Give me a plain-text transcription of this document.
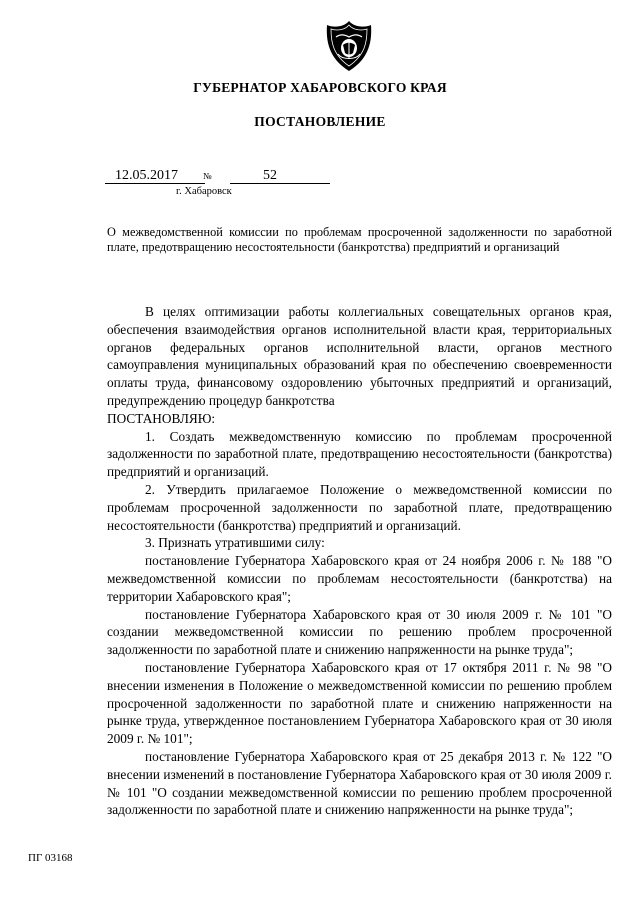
ГУБЕРНАТОР ХАБАРОВСКОГО КРАЯ
ПОСТАНОВЛЕНИЕ
12.05.2017	№	52
г. Хабаровск

О межведомственной комиссии по проблемам просроченной задолженности по заработной плате, предотвращению несостоятельности (банкротства) предприятий и организаций

В целях оптимизации работы коллегиальных совещательных органов края, обеспечения взаимодействия органов исполнительной власти края, территориальных органов федеральных органов исполнительной власти, органов местного самоуправления муниципальных образований края по обеспечению своевременности оплаты труда, финансовому оздоровлению убыточных предприятий и организаций, предупреждению процедур банкротства

ПОСТАНОВЛЯЮ:

1. Создать межведомственную комиссию по проблемам просроченной задолженности по заработной плате, предотвращению несостоятельности (банкротства) предприятий и организаций.

2. Утвердить прилагаемое Положение о межведомственной комиссии по проблемам просроченной задолженности по заработной плате, предотвращению несостоятельности (банкротства) предприятий и организаций.

3. Признать утратившими силу:

постановление Губернатора Хабаровского края от 24 ноября 2006 г. № 188 "О межведомственной комиссии по проблемам несостоятельности (банкротства) на территории Хабаровского края";

постановление Губернатора Хабаровского края от 30 июля 2009 г. № 101 "О создании межведомственной комиссии по решению проблем просроченной задолженности по заработной плате и снижению напряженности на рынке труда";

постановление Губернатора Хабаровского края от 17 октября 2011 г. № 98 "О внесении изменения в Положение о межведомственной комиссии по решению проблем просроченной задолженности по заработной плате и снижению напряженности на рынке труда, утвержденное постановлением Губернатора Хабаровского края от 30 июля 2009 г. № 101";

постановление Губернатора Хабаровского края от 25 декабря 2013 г. № 122 "О внесении изменений в постановление Губернатора Хабаровского края от 30 июля 2009 г. № 101 "О создании межведомственной комиссии по решению проблем просроченной задолженности по заработной плате и снижению напряженности на рынке труда";

ПГ 03168
